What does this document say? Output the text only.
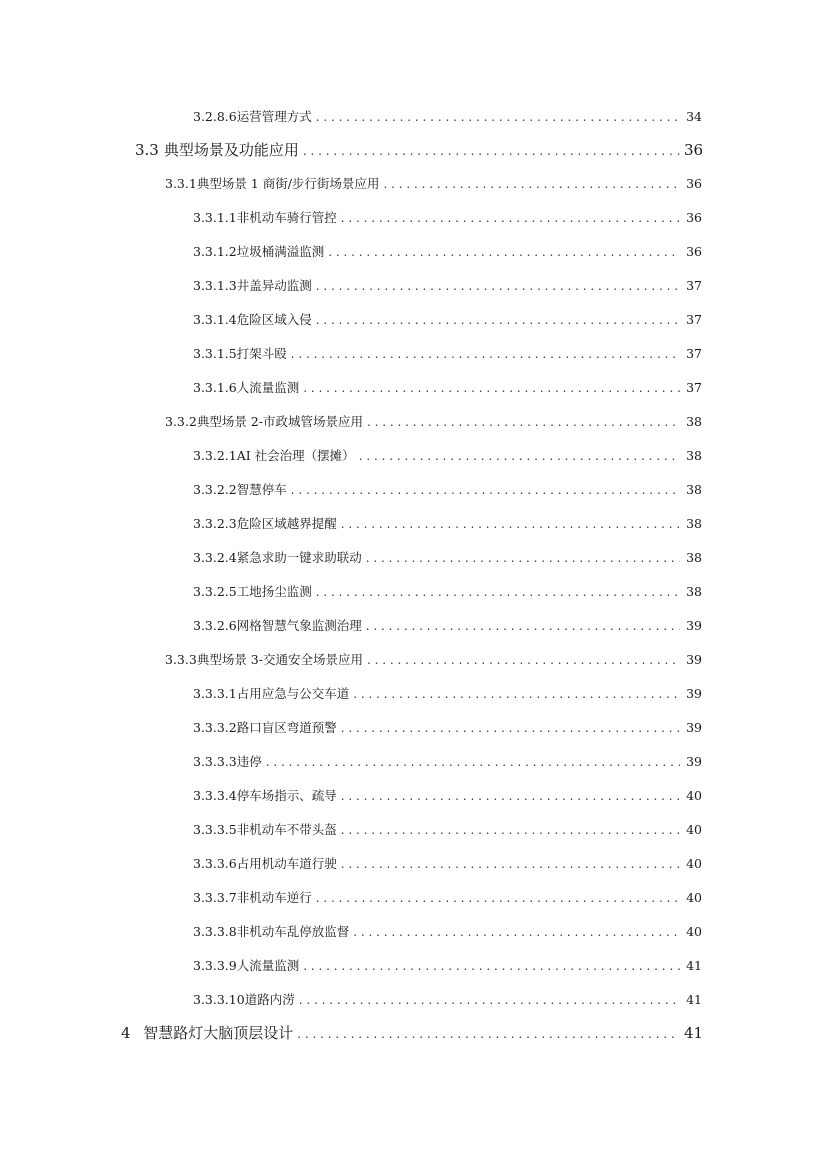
3.2.8.6 运营管理方式 . . .	34
3.3 典型场景及功能应用 . . .	36
3.3.1 典型场景 1 商街/步行街场景应用 . . .	36
3.3.1.1 非机动车骑行管控 . . .	36
3.3.1.2 垃圾桶满溢监测 . . .	36
3.3.1.3 井盖异动监测 . . .	37
3.3.1.4 危险区域入侵 . . .	37
3.3.1.5 打架斗殴 . . .	37
3.3.1.6 人流量监测 . . .	37
3.3.2 典型场景 2-市政城管场景应用 . . .	38
3.3.2.1 AI 社会治理（摆摊） . . .	38
3.3.2.2 智慧停车 . . .	38
3.3.2.3 危险区域越界提醒 . . .	38
3.3.2.4 紧急求助一键求助联动 . . .	38
3.3.2.5 工地扬尘监测 . . .	38
3.3.2.6 网格智慧气象监测治理 . . .	39
3.3.3 典型场景 3-交通安全场景应用 . . .	39
3.3.3.1 占用应急与公交车道 . . .	39
3.3.3.2 路口盲区弯道预警 . . .	39
3.3.3.3 违停 . . .	39
3.3.3.4 停车场指示、疏导 . . .	40
3.3.3.5 非机动车不带头盔 . . .	40
3.3.3.6 占用机动车道行驶 . . .	40
3.3.3.7 非机动车逆行 . . .	40
3.3.3.8 非机动车乱停放监督 . . .	40
3.3.3.9 人流量监测 . . .	41
3.3.3.10 道路内涝 . . .	41
4 智慧路灯大脑顶层设计 . . .	41
